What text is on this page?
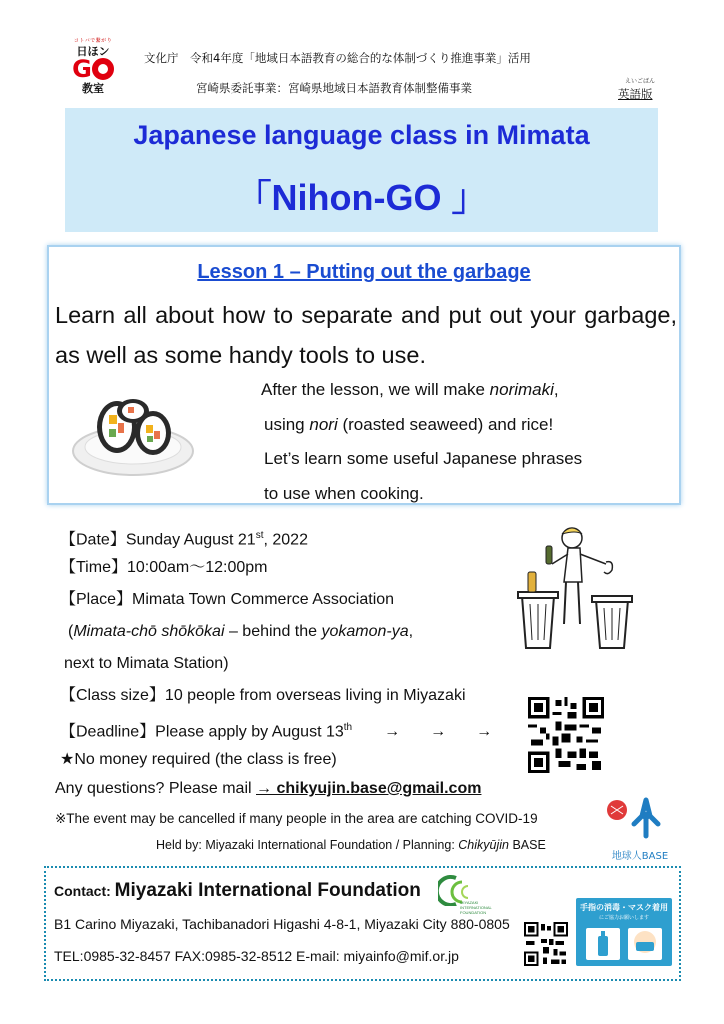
コトバで繋がり
日ほン
G
教室
文化庁　令和4年度「地域日本語教育の総合的な体制づくり推進事業」活用
宮崎県委託事業：宮崎県地域日本語教育体制整備事業	えいごばん
英語版
Japanese language class in Mimata
「Nihon-GO 」
Lesson 1 – Putting out the garbage
Learn all about how to separate and put out your garbage, as well as some handy tools to use.
After the lesson, we will make norimaki,
using nori (roasted seaweed) and rice!
Let’s learn some useful Japanese phrases
to use when cooking.
【Date】Sunday August 21st, 2022
【Time】10:00am～12:00pm
【Place】Mimata Town Commerce Association
(Mimata-chō shōkōkai – behind the yokamon-ya,
next to Mimata Station)
【Class size】10 people from overseas living in Miyazaki
【Deadline】Please apply by August 13th → → →
★No money required (the class is free)
Any questions? Please mail → chikyujin.base@gmail.com
※The event may be cancelled if many people in the area are catching COVID-19
Held by: Miyazaki International Foundation / Planning: Chikyūjin BASE
地球人BASE
Contact: Miyazaki International Foundation
MIYAZAKI INTERNATIONAL FOUNDATION
B1 Carino Miyazaki, Tachibanadori Higashi 4-8-1, Miyazaki City 880-0805
TEL:0985-32-8457 FAX:0985-32-8512 E-mail: miyainfo@mif.or.jp
手指の消毒・マスク着用
にご協力お願いします
